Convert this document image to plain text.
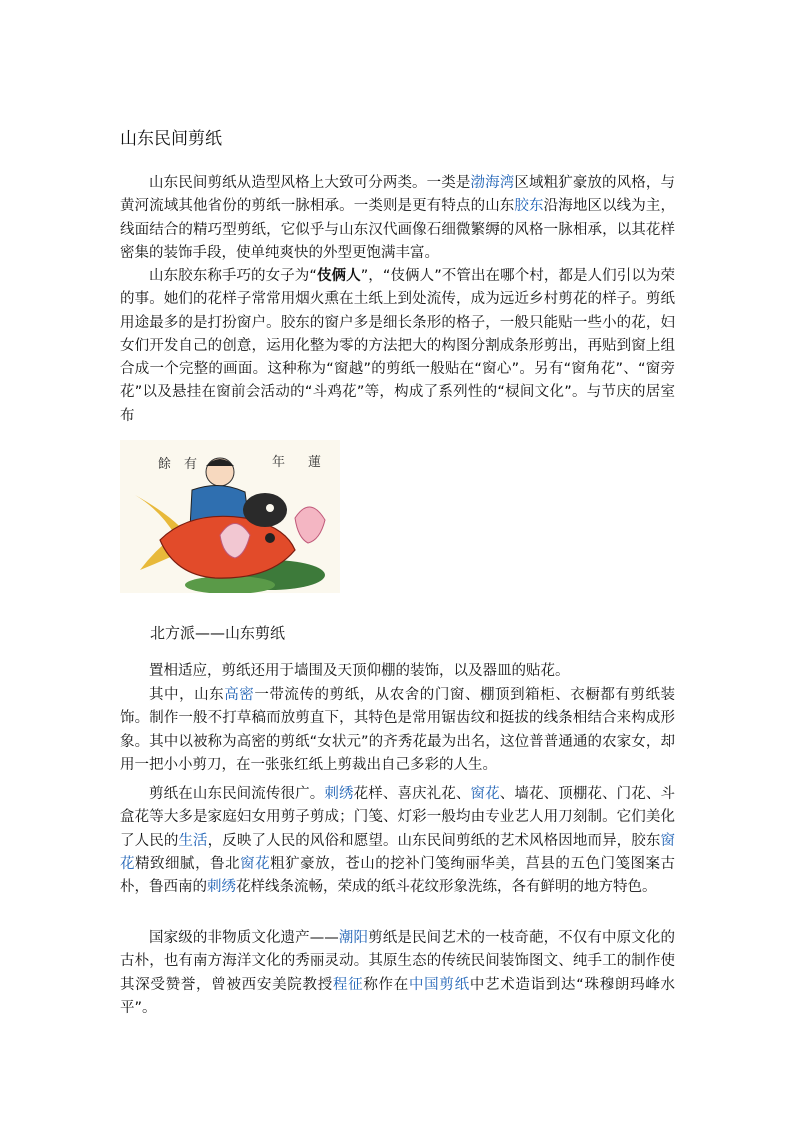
山东民间剪纸

山东民间剪纸从造型风格上大致可分两类。一类是渤海湾区域粗犷豪放的风格，与黄河流域其他省份的剪纸一脉相承。一类则是更有特点的山东胶东沿海地区以线为主，线面结合的精巧型剪纸，它似乎与山东汉代画像石细微繁缛的风格一脉相承，以其花样密集的装饰手段，使单纯爽快的外型更饱满丰富。

山东胶东称手巧的女子为“伎俩人”，“伎俩人”不管出在哪个村，都是人们引以为荣的事。她们的花样子常常用烟火熏在土纸上到处流传，成为远近乡村剪花的样子。剪纸用途最多的是打扮窗户。胶东的窗户多是细长条形的格子，一般只能贴一些小的花，妇女们开发自己的创意，运用化整为零的方法把大的构图分割成条形剪出，再贴到窗上组合成一个完整的画面。这种称为“窗越”的剪纸一般贴在“窗心”。另有“窗角花”、“窗旁花”以及悬挂在窗前会活动的“斗鸡花”等，构成了系列性的“棂间文化”。与节庆的居室布

餘 有	年 蓮
北方派——山东剪纸

置相适应，剪纸还用于墙围及天顶仰棚的装饰，以及器皿的贴花。

其中，山东高密一带流传的剪纸，从农舍的门窗、棚顶到箱柜、衣橱都有剪纸装饰。制作一般不打草稿而放剪直下，其特色是常用锯齿纹和挺拔的线条相结合来构成形象。其中以被称为高密的剪纸“女状元”的齐秀花最为出名，这位普普通通的农家女，却用一把小小剪刀，在一张张红纸上剪裁出自己多彩的人生。

剪纸在山东民间流传很广。刺绣花样、喜庆礼花、窗花、墙花、顶棚花、门花、斗盒花等大多是家庭妇女用剪子剪成；门笺、灯彩一般均由专业艺人用刀刻制。它们美化了人民的生活，反映了人民的风俗和愿望。山东民间剪纸的艺术风格因地而异，胶东窗花精致细腻，鲁北窗花粗犷豪放，苍山的挖补门笺绚丽华美，莒县的五色门笺图案古朴，鲁西南的刺绣花样线条流畅，荣成的纸斗花纹形象洗练，各有鲜明的地方特色。

国家级的非物质文化遗产——潮阳剪纸是民间艺术的一枝奇葩，不仅有中原文化的古朴，也有南方海洋文化的秀丽灵动。其原生态的传统民间装饰图文、纯手工的制作使其深受赞誉，曾被西安美院教授程征称作在中国剪纸中艺术造诣到达“珠穆朗玛峰水平”。
